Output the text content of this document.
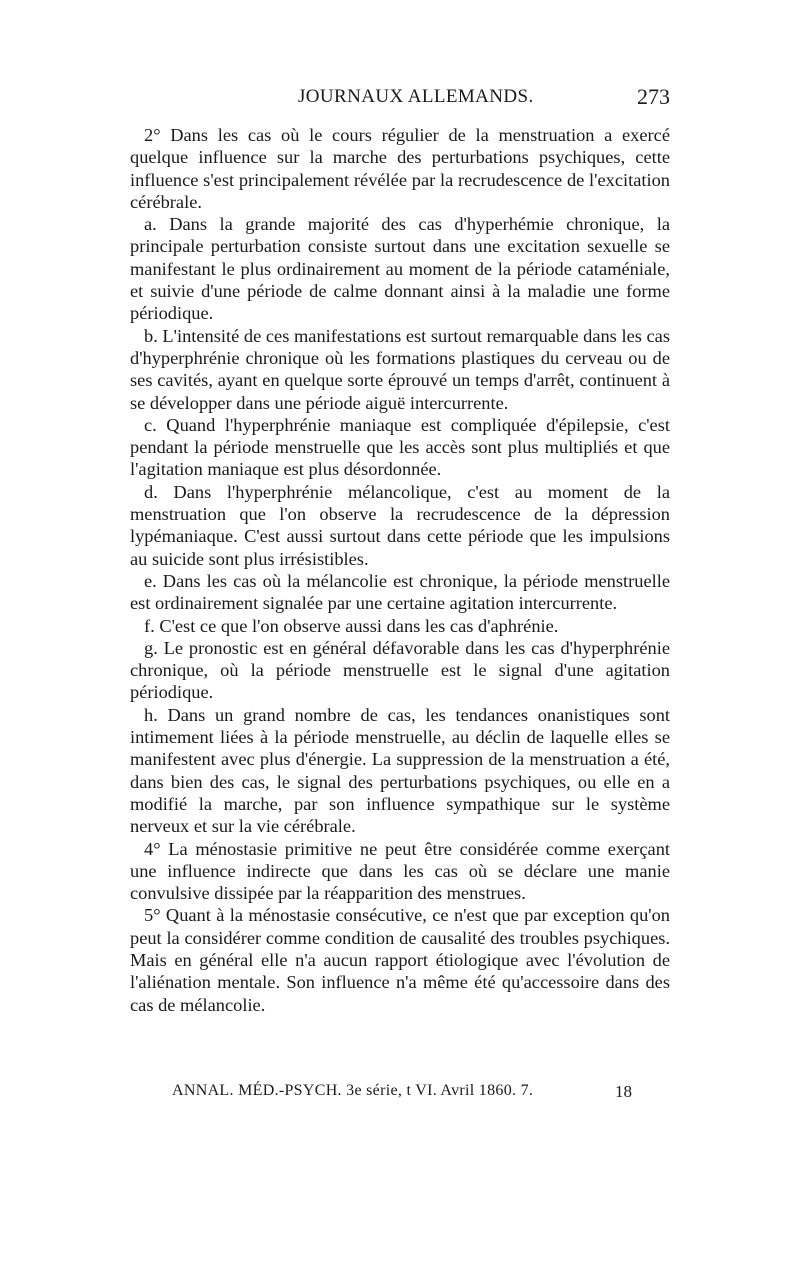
JOURNAUX ALLEMANDS.	273

2° Dans les cas où le cours régulier de la menstruation a exercé quelque influence sur la marche des perturbations psychiques, cette influence s'est principalement révélée par la recrudescence de l'excitation cérébrale.

a. Dans la grande majorité des cas d'hyperhémie chronique, la principale perturbation consiste surtout dans une excitation sexuelle se manifestant le plus ordinairement au moment de la période cataméniale, et suivie d'une période de calme donnant ainsi à la maladie une forme périodique.

b. L'intensité de ces manifestations est surtout remarquable dans les cas d'hyperphrénie chronique où les formations plastiques du cerveau ou de ses cavités, ayant en quelque sorte éprouvé un temps d'arrêt, continuent à se développer dans une période aiguë intercurrente.

c. Quand l'hyperphrénie maniaque est compliquée d'épilepsie, c'est pendant la période menstruelle que les accès sont plus multipliés et que l'agitation maniaque est plus désordonnée.

d. Dans l'hyperphrénie mélancolique, c'est au moment de la menstruation que l'on observe la recrudescence de la dépression lypémaniaque. C'est aussi surtout dans cette période que les impulsions au suicide sont plus irrésistibles.

e. Dans les cas où la mélancolie est chronique, la période menstruelle est ordinairement signalée par une certaine agitation intercurrente.

f. C'est ce que l'on observe aussi dans les cas d'aphrénie.

g. Le pronostic est en général défavorable dans les cas d'hyperphrénie chronique, où la période menstruelle est le signal d'une agitation périodique.

h. Dans un grand nombre de cas, les tendances onanistiques sont intimement liées à la période menstruelle, au déclin de laquelle elles se manifestent avec plus d'énergie. La suppression de la menstruation a été, dans bien des cas, le signal des perturbations psychiques, ou elle en a modifié la marche, par son influence sympathique sur le système nerveux et sur la vie cérébrale.

4° La ménostasie primitive ne peut être considérée comme exerçant une influence indirecte que dans les cas où se déclare une manie convulsive dissipée par la réapparition des menstrues.

5° Quant à la ménostasie consécutive, ce n'est que par exception qu'on peut la considérer comme condition de causalité des troubles psychiques. Mais en général elle n'a aucun rapport étiologique avec l'évolution de l'aliénation mentale. Son influence n'a même été qu'accessoire dans des cas de mélancolie.

ANNAL. MÉD.-PSYCH. 3e série, t VI. Avril 1860. 7.	18
